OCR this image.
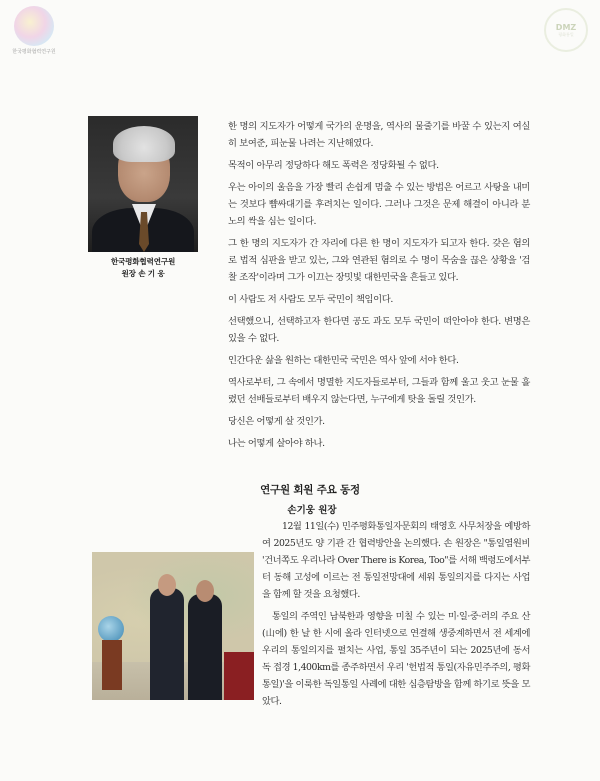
한국평화협력연구원
DMZ
평화통일
한국평화협력연구원
원장 손 기 웅

한 명의 지도자가 어떻게 국가의 운명을, 역사의 물줄기를 바꿀 수 있는지 여실히 보여준, 피눈물 나려는 지난해였다.

목적이 아무리 정당하다 해도 폭력은 정당화될 수 없다.

우는 아이의 울음을 가장 빨리 손쉽게 멈출 수 있는 방법은 어르고 사탕을 내미는 것보다 뺨싸대기를 후려치는 일이다. 그러나 그것은 문제 해결이 아니라 분노의 싹을 심는 일이다.

그 한 명의 지도자가 간 자리에 다른 한 명이 지도자가 되고자 한다. 갖은 혐의로 법적 심판을 받고 있는, 그와 연관된 혐의로 수 명이 목숨을 끊은 상황을 '검찰 조작'이라며 그가 이끄는 장밋빛 대한민국을 흔들고 있다.

이 사람도 저 사람도 모두 국민이 책임이다.

선택했으니, 선택하고자 한다면 공도 과도 모두 국민이 떠안아야 한다. 변명은 있을 수 없다.

인간다운 삶을 원하는 대한민국 국민은 역사 앞에 서야 한다.

역사로부터, 그 속에서 명멸한 지도자들로부터, 그들과 함께 울고 웃고 눈물 흘렸던 선배들로부터 배우지 않는다면, 누구에게 탓을 돌릴 것인가.

당신은 어떻게 살 것인가.

나는 어떻게 살아야 하나.

연구원 회원 주요 동정
손기웅 원장

12월 11일(수) 민주평화통일자문회의 태영호 사무처장을 예방하여 2025년도 양 기관 간 협력방안을 논의했다. 손 원장은 "통일염원비 '건너쪽도 우리나라 Over There is Korea, Too"를 서해 백령도에서부터 동해 고성에 이르는 전 통일전망대에 세워 통일의지를 다지는 사업을 함께 할 것을 요청했다.

통일의 주역인 남북한과 영향을 미칠 수 있는 미·일·중·러의 주요 산(山에) 한 날 한 시에 올라 인터넷으로 연결해 생중계하면서 전 세계에 우리의 통일의지를 펼치는 사업, 통일 35주년이 되는 2025년에 동서독 접경 1,400km를 종주하면서 우리 '헌법적 통일(자유민주주의, 평화통일)'을 이룩한 독일통일 사례에 대한 심층탐방을 함께 하기로 뜻을 모았다.
